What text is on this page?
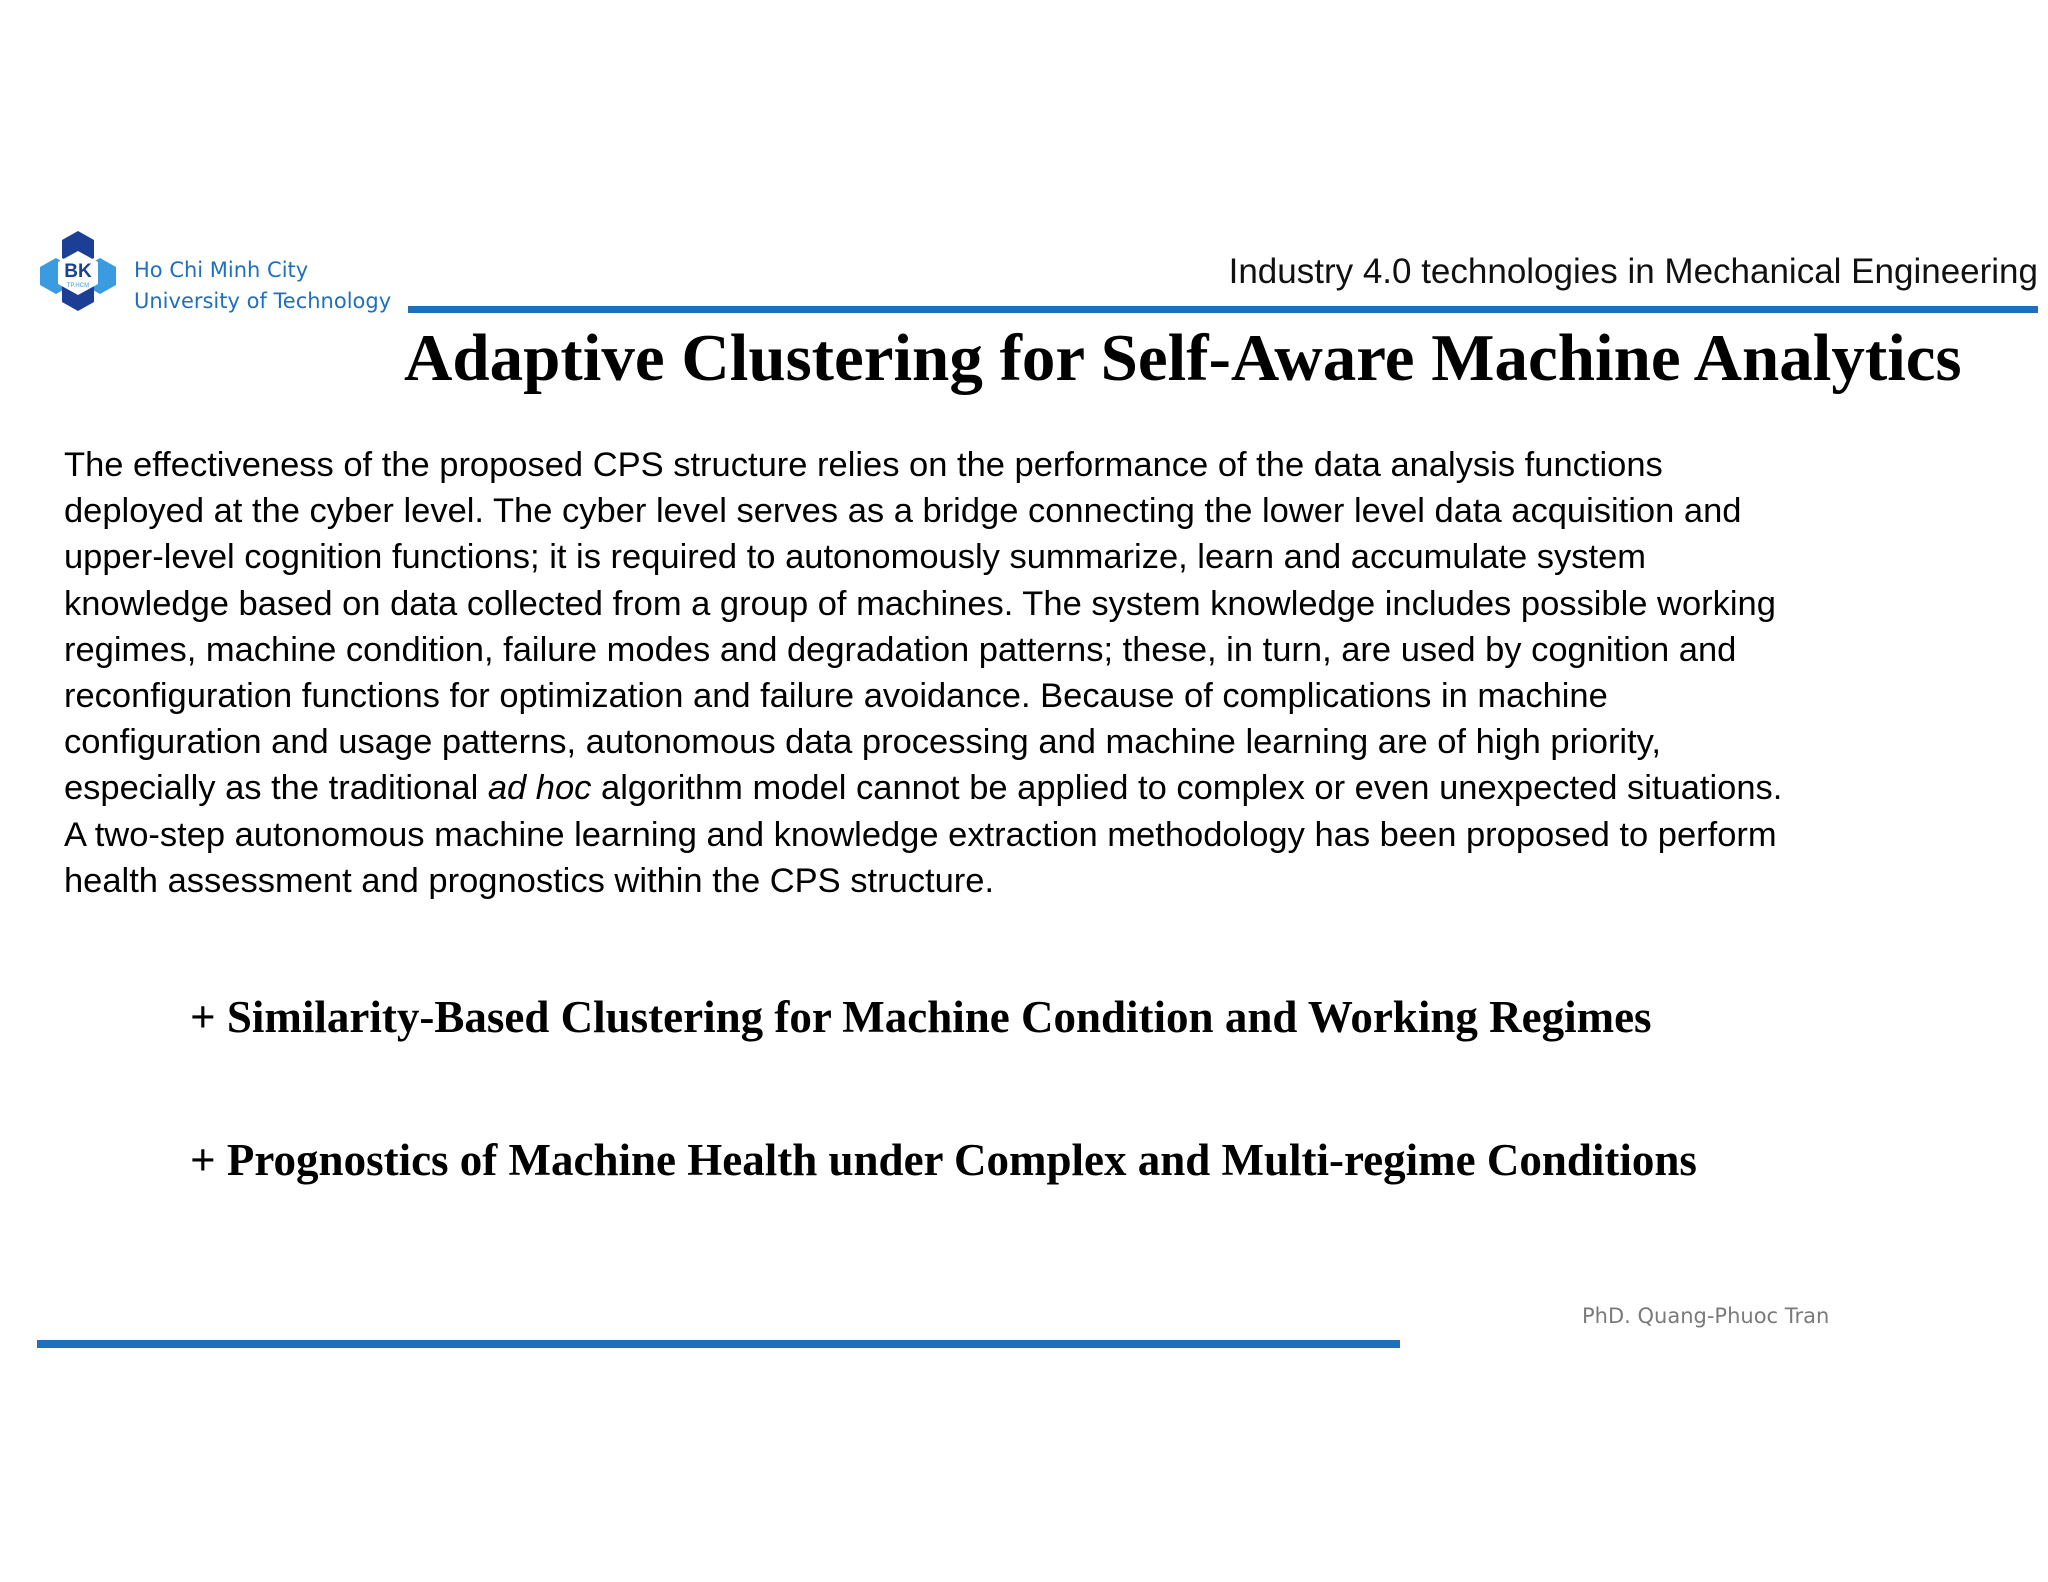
BK
TP.HCM
Ho Chi Minh City
University of Technology
Industry 4.0 technologies in Mechanical Engineering
Adaptive Clustering for Self-Aware Machine Analytics
The effectiveness of the proposed CPS structure relies on the performance of the data analysis functions
deployed at the cyber level. The cyber level serves as a bridge connecting the lower level data acquisition and
upper-level cognition functions; it is required to autonomously summarize, learn and accumulate system
knowledge based on data collected from a group of machines. The system knowledge includes possible working
regimes, machine condition, failure modes and degradation patterns; these, in turn, are used by cognition and
reconfiguration functions for optimization and failure avoidance. Because of complications in machine
configuration and usage patterns, autonomous data processing and machine learning are of high priority,
especially as the traditional ad hoc algorithm model cannot be applied to complex or even unexpected situations.
A two-step autonomous machine learning and knowledge extraction methodology has been proposed to perform
health assessment and prognostics within the CPS structure.
+ Similarity-Based Clustering for Machine Condition and Working Regimes
+ Prognostics of Machine Health under Complex and Multi-regime Conditions
PhD. Quang-Phuoc Tran
